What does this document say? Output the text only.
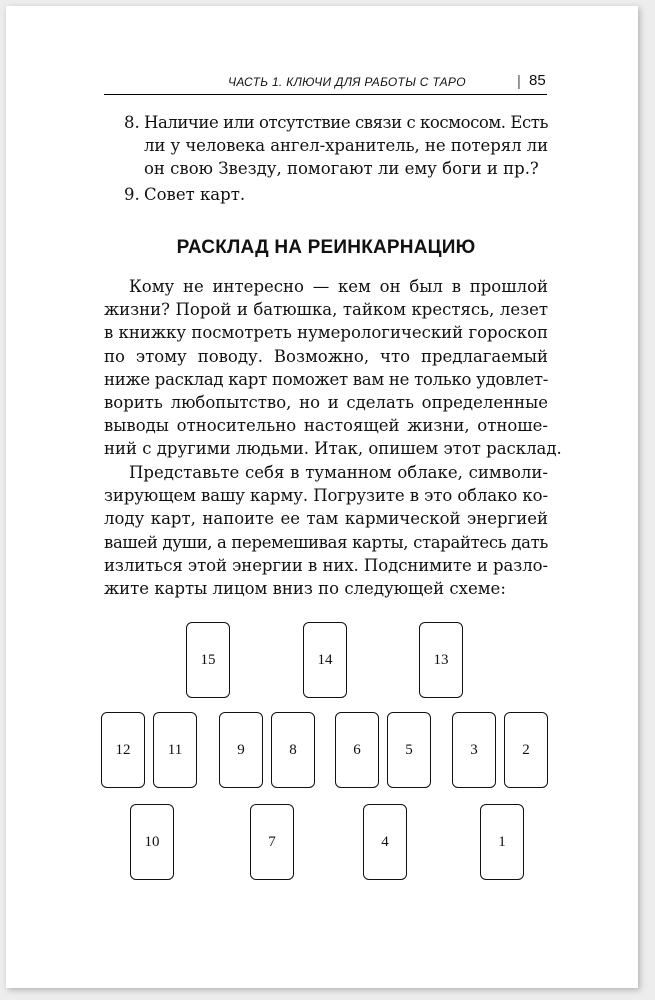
ЧАСТЬ 1. КЛЮЧИ ДЛЯ РАБОТЫ С ТАРО	| 85
8. Наличие или отсутствие связи с космосом. Есть
ли у человека ангел-хранитель, не потерял ли
он свою Звезду, помогают ли ему боги и пр.?
9. Совет карт.
РАСКЛАД НА РЕИНКАРНАЦИЮ
Кому не интересно — кем он был в прошлой
жизни? Порой и батюшка, тайком крестясь, лезет
в книжку посмотреть нумерологический гороскоп
по этому поводу. Возможно, что предлагаемый
ниже расклад карт поможет вам не только удовлет-
ворить любопытство, но и сделать определенные
выводы относительно настоящей жизни, отноше-
ний с другими людьми. Итак, опишем этот расклад.
Представьте себя в туманном облаке, символи-
зирующем вашу карму. Погрузите в это облако ко-
лоду карт, напоите ее там кармической энергией
вашей души, а перемешивая карты, старайтесь дать
излиться этой энергии в них. Подснимите и разло-
жите карты лицом вниз по следующей схеме:
15	14	13
12	11	9	8	6	5	3	2
10	7	4	1
